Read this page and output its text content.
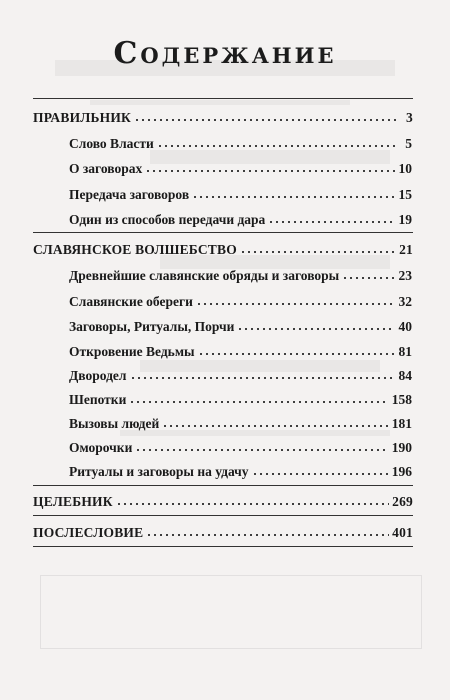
Содержание
ПРАВИЛЬНИК	3
Слово Власти	5
О заговорах	10
Передача заговоров	15
Один из способов передачи дара	19
СЛАВЯНСКОЕ ВОЛШЕБСТВО	21
Древнейшие славянские обряды и заговоры	23
Славянские обереги	32
Заговоры, Ритуалы, Порчи	40
Откровение Ведьмы	81
Двородел	84
Шепотки	158
Вызовы людей	181
Оморочки	190
Ритуалы и заговоры на удачу	196
ЦЕЛЕБНИК	269
ПОСЛЕСЛОВИЕ	401
